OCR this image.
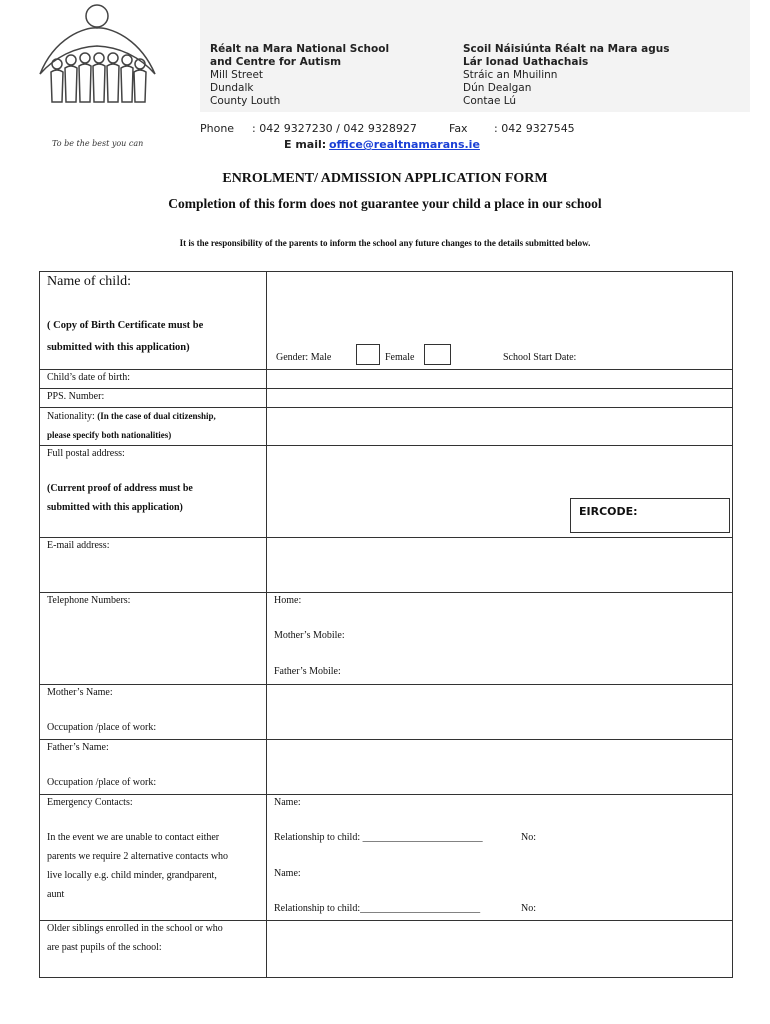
Réalt na Mara National School
and Centre for Autism
Mill Street
Dundalk
County Louth
Scoil Náisiúnta Réalt na Mara agus
Lár Ionad Uathachais
Stráic an Mhuilinn
Dún Dealgan
Contae Lú
To be the best you can
Phone : 042 9327230 / 042 9328927	Fax : 042 9327545
E mail: office@realtnamarans.ie
ENROLMENT/ ADMISSION APPLICATION FORM
Completion of this form does not guarantee your child a place in our school
It is the responsibility of the parents to inform the school any future changes to the details submitted below.
Name of child:
( Copy of Birth Certificate must be
submitted with this application)
Gender: Male	Female	School Start Date:
Child’s date of birth:
PPS. Number:
Nationality: (In the case of dual citizenship,
please specify both nationalities)
Full postal address:
(Current proof of address must be
submitted with this application)	EIRCODE:
E-mail address:
Telephone Numbers:	Home:
Mother’s Mobile:
Father’s Mobile:
Mother’s Name:
Occupation /place of work:
Father’s Name:
Occupation /place of work:
Emergency Contacts:
In the event we are unable to contact either
parents we require 2 alternative contacts who
live locally e.g. child minder, grandparent,
aunt
Name:
Relationship to child: ________________________	No:
Name:
Relationship to child:________________________	No:
Older siblings enrolled in the school or who
are past pupils of the school:
